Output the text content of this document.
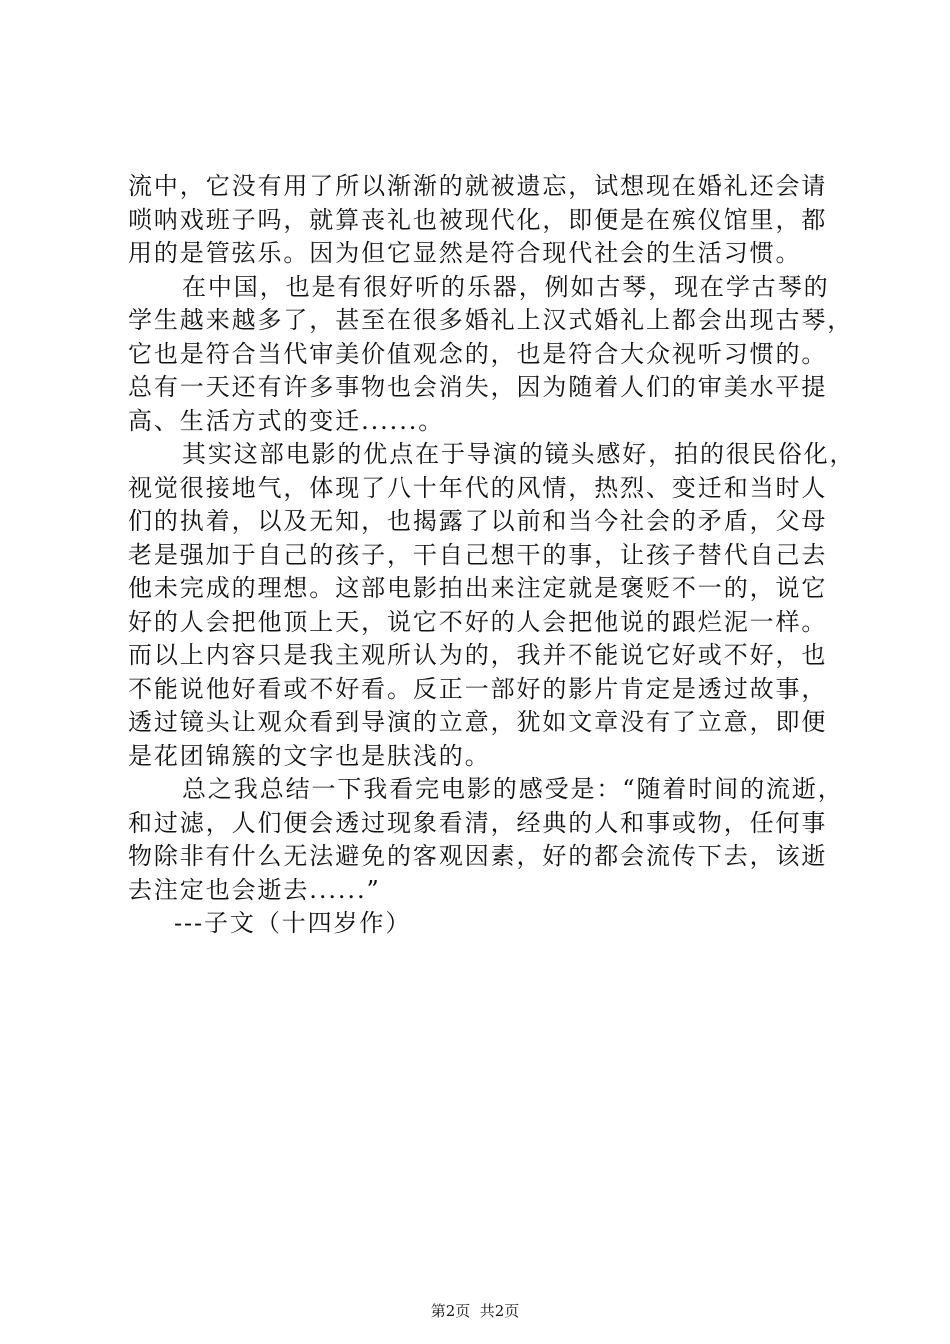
流中，它没有用了所以渐渐的就被遗忘，试想现在婚礼还会请
唢呐戏班子吗，就算丧礼也被现代化，即便是在殡仪馆里，都
用的是管弦乐。因为但它显然是符合现代社会的生活习惯。
在中国，也是有很好听的乐器，例如古琴，现在学古琴的
学生越来越多了，甚至在很多婚礼上汉式婚礼上都会出现古琴，
它也是符合当代审美价值观念的，也是符合大众视听习惯的。
总有一天还有许多事物也会消失，因为随着人们的审美水平提
高、生活方式的变迁......。
其实这部电影的优点在于导演的镜头感好，拍的很民俗化，
视觉很接地气，体现了八十年代的风情，热烈、变迁和当时人
们的执着，以及无知，也揭露了以前和当今社会的矛盾，父母
老是强加于自己的孩子，干自己想干的事，让孩子替代自己去
他未完成的理想。这部电影拍出来注定就是褒贬不一的，说它
好的人会把他顶上天，说它不好的人会把他说的跟烂泥一样。
而以上内容只是我主观所认为的，我并不能说它好或不好，也
不能说他好看或不好看。反正一部好的影片肯定是透过故事，
透过镜头让观众看到导演的立意，犹如文章没有了立意，即便
是花团锦簇的文字也是肤浅的。
总之我总结一下我看完电影的感受是：“随着时间的流逝，
和过滤，人们便会透过现象看清，经典的人和事或物，任何事
物除非有什么无法避免的客观因素，好的都会流传下去，该逝
去注定也会逝去......”
---子文（十四岁作）
第2页  共2页
